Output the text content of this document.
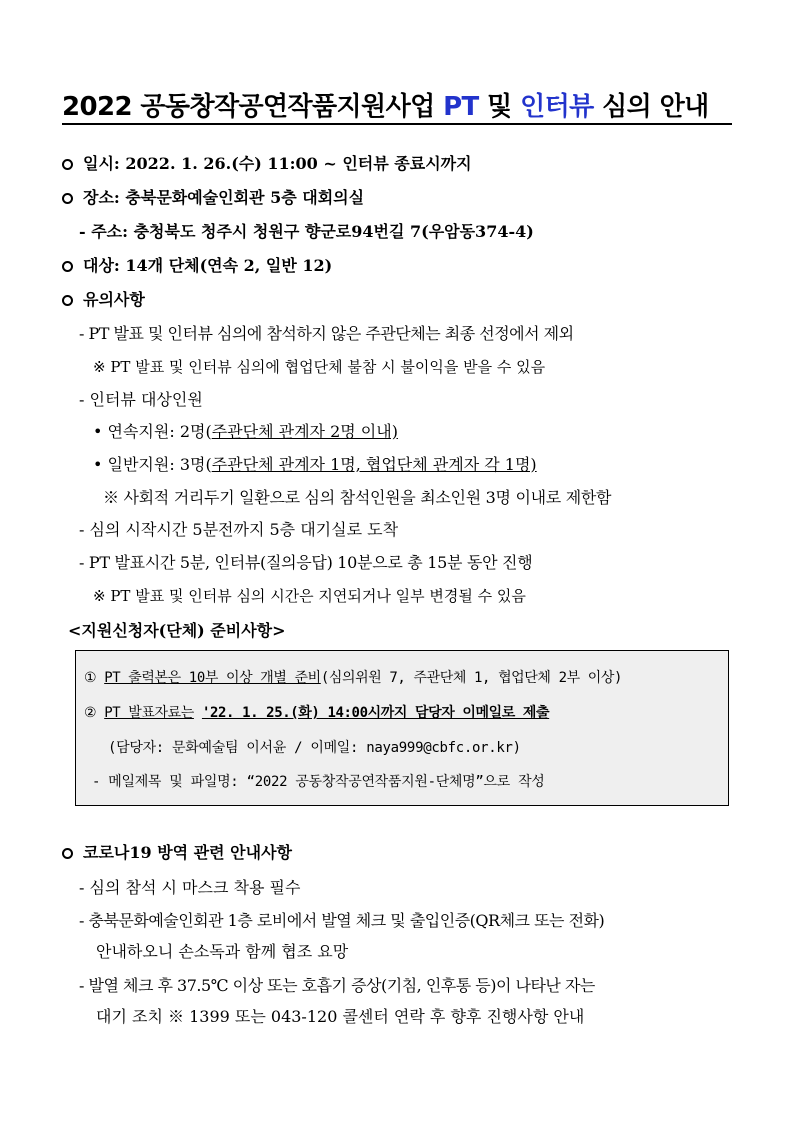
2022 공동창작공연작품지원사업 PT 및 인터뷰 심의 안내
일시: 2022. 1. 26.(수) 11:00 ~ 인터뷰 종료시까지
장소: 충북문화예술인회관 5층 대회의실
- 주소: 충청북도 청주시 청원구 향군로94번길 7(우암동374-4)
대상: 14개 단체(연속 2, 일반 12)
유의사항
- PT 발표 및 인터뷰 심의에 참석하지 않은 주관단체는 최종 선정에서 제외
※ PT 발표 및 인터뷰 심의에 협업단체 불참 시 불이익을 받을 수 있음
- 인터뷰 대상인원
• 연속지원: 2명(주관단체 관계자 2명 이내)
• 일반지원: 3명(주관단체 관계자 1명, 협업단체 관계자 각 1명)
※ 사회적 거리두기 일환으로 심의 참석인원을 최소인원 3명 이내로 제한함
- 심의 시작시간 5분전까지 5층 대기실로 도착
- PT 발표시간 5분, 인터뷰(질의응답) 10분으로 총 15분 동안 진행
※ PT 발표 및 인터뷰 심의 시간은 지연되거나 일부 변경될 수 있음
<지원신청자(단체) 준비사항>
① PT 출력본은 10부 이상 개별 준비(심의위원 7, 주관단체 1, 협업단체 2부 이상)
② PT 발표자료는 '22. 1. 25.(화) 14:00시까지 담당자 이메일로 제출
(담당자: 문화예술팀 이서윤 / 이메일: naya999@cbfc.or.kr)
- 메일제목 및 파일명: “2022 공동창작공연작품지원-단체명”으로 작성
코로나19 방역 관련 안내사항
- 심의 참석 시 마스크 착용 필수
- 충북문화예술인회관 1층 로비에서 발열 체크 및 출입인증(QR체크 또는 전화)
안내하오니 손소독과 함께 협조 요망
- 발열 체크 후 37.5℃ 이상 또는 호흡기 증상(기침, 인후통 등)이 나타난 자는
대기 조치 ※ 1399 또는 043-120 콜센터 연락 후 향후 진행사항 안내
